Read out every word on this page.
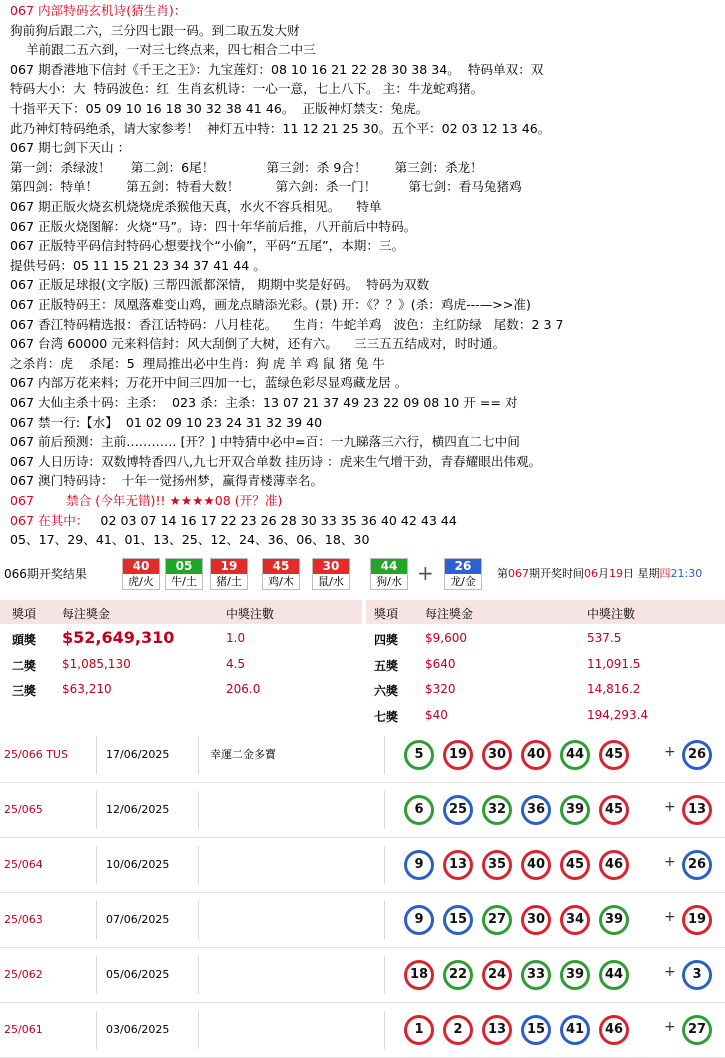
067 内部特码玄机诗(猜生肖)：
狗前狗后跟二六，三分四七跟一码。到二取五发大财
羊前跟二五六到，一对三七终点来，四七相合二中三
067 期香港地下信封《千王之王》：九宝莲灯：08 10 16 21 22 28 30 38 34。  特码单双：双
特码大小：大  特码波色：红  生肖玄机诗：一心一意，七上八下。 主：牛龙蛇鸡猪。
十指平天下：05 09 10 16 18 30 32 38 41 46。  正版神灯禁支：兔虎。
此乃神灯特码绝杀，请大家参考！  神灯五中特：11 12 21 25 30。五个平：02 03 12 13 46。
067 期七剑下天山 ：
第一剑：杀绿波！     第二剑：6尾！             第三剑：杀 9合！       第三剑：杀龙！
第四剑：特单！       第五剑：特看大数！         第六剑：杀一门！        第七剑：看马兔猪鸡
067 期正版火烧玄机烧烧虎杀猴他天真，水火不容兵相见。    特单
067 正版火烧图解：火烧“马”。诗：四十年华前后推，八开前后中特码。
067 正版特平码信封特码心想要找个“小偷”，平码“五尾”，本期：三。
提供号码：05 11 15 21 23 34 37 41 44 。
067 正版足球报(文字版) 三帮四派都深情， 期期中奖是好码。  特码为双数
067 正版特码王：凤凰落难变山鸡，画龙点睛添光彩。(景) 开：《？？》(杀：鸡虎---—>>准)
067 香江特码精选报：香江话特码：八月桂花。    生肖：牛蛇羊鸡   波色：主红防绿   尾数：2 3 7
067 台湾 60000 元来料信封：风大刮倒了大树，还有六。    三三五五结成对，时时通。
之杀肖：虎    杀尾：5  理局推出必中生肖：狗 虎 羊 鸡 鼠 猪 兔 牛
067 内部万花来料；万花开中间三四加一七，蓝绿色彩尽显鸡藏龙居 。
067 大仙主杀十码：主杀：  023 杀：主杀：13 07 21 37 49 23 22 09 08 10 开 == 对
067 禁一行:【水】  01 02 09 10 23 24 31 32 39 40
067 前后预测：主前………… [开？] 中特猜中必中=百：一九睇落三六行，横四直二七中间
067 人日历诗：双数博特香四八,九七开双合单数 挂历诗 ：虎来生气增干劲，青春耀眼出伟观。
067 澳门特码诗：  十年一觉扬州梦，赢得青楼薄幸名。
067        禁合 (今年无错)!! ★★★★08 (开？准)
067 在其中：   02 03 07 14 16 17 22 23 26 28 30 33 35 36 40 42 43 44
05、17、29、41、01、13、25、12、24、36、06、18、30
066期开奖结果
40
虎/火
05
牛/土
19
猪/土
45
鸡/木
30
鼠/水
44
狗/水
26
龙/金
+	第067期开奖时间06月19日 星期四21:30
獎項 每注獎金	中獎注數	獎項 每注獎金	中獎注數
頭獎 $52,649,310	1.0
二獎 $1,085,130	4.5
三獎 $63,210	206.0
四獎 $9,600	537.5
五獎 $640	11,091.5
六獎 $320	14,816.2
七獎 $40	194,293.4
25/066 TUS	17/06/2025	幸運二金多寶	5	19	30	40	44	45	+ 26
25/065	12/06/2025	6	25	32	36	39	45	+ 13
25/064	10/06/2025	9	13	35	40	45	46	+ 26
25/063	07/06/2025	9	15	27	30	34	39	+ 19
25/062	05/06/2025	18	22	24	33	39	44	+	3
25/061	03/06/2025	1	2	13	15	41	46	+ 27
